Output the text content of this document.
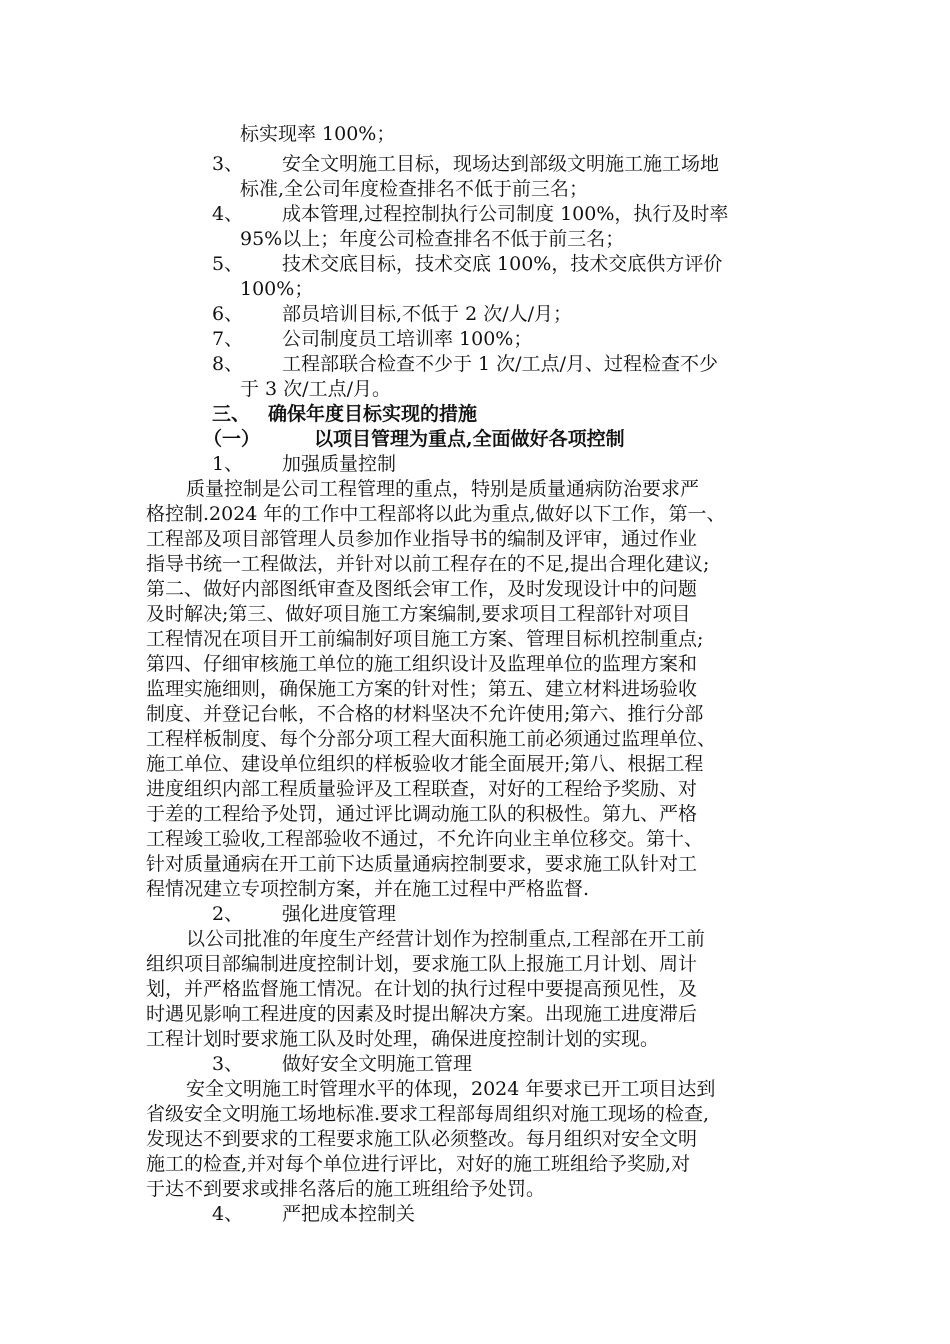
标实现率 100%；
3、 安全文明施工目标，现场达到部级文明施工施工场地
标准,全公司年度检查排名不低于前三名；
4、 成本管理,过程控制执行公司制度 100%，执行及时率
95%以上；年度公司检查排名不低于前三名；
5、 技术交底目标，技术交底 100%，技术交底供方评价
100%；
6、 部员培训目标,不低于 2 次/人/月；
7、 公司制度员工培训率 100%；
8、 工程部联合检查不少于 1 次/工点/月、过程检查不少
于 3 次/工点/月。
三、 确保年度目标实现的措施
（一）	以项目管理为重点,全面做好各项控制
1、 加强质量控制
质量控制是公司工程管理的重点，特别是质量通病防治要求严
格控制.2024 年的工作中工程部将以此为重点,做好以下工作，第一、
工程部及项目部管理人员参加作业指导书的编制及评审，通过作业
指导书统一工程做法，并针对以前工程存在的不足,提出合理化建议;
第二、做好内部图纸审查及图纸会审工作，及时发现设计中的问题
及时解决;第三、做好项目施工方案编制,要求项目工程部针对项目
工程情况在项目开工前编制好项目施工方案、管理目标机控制重点;
第四、仔细审核施工单位的施工组织设计及监理单位的监理方案和
监理实施细则，确保施工方案的针对性；第五、建立材料进场验收
制度、并登记台帐，不合格的材料坚决不允许使用;第六、推行分部
工程样板制度、每个分部分项工程大面积施工前必须通过监理单位、
施工单位、建设单位组织的样板验收才能全面展开;第八、根据工程
进度组织内部工程质量验评及工程联查，对好的工程给予奖励、对
于差的工程给予处罚，通过评比调动施工队的积极性。第九、严格
工程竣工验收,工程部验收不通过，不允许向业主单位移交。第十、
针对质量通病在开工前下达质量通病控制要求，要求施工队针对工
程情况建立专项控制方案，并在施工过程中严格监督.
2、 强化进度管理
以公司批准的年度生产经营计划作为控制重点,工程部在开工前
组织项目部编制进度控制计划，要求施工队上报施工月计划、周计
划，并严格监督施工情况。在计划的执行过程中要提高预见性，及
时遇见影响工程进度的因素及时提出解决方案。出现施工进度滞后
工程计划时要求施工队及时处理，确保进度控制计划的实现。
3、 做好安全文明施工管理
安全文明施工时管理水平的体现，2024 年要求已开工项目达到
省级安全文明施工场地标准.要求工程部每周组织对施工现场的检查,
发现达不到要求的工程要求施工队必须整改。每月组织对安全文明
施工的检查,并对每个单位进行评比，对好的施工班组给予奖励,对
于达不到要求或排名落后的施工班组给予处罚。
4、 严把成本控制关
